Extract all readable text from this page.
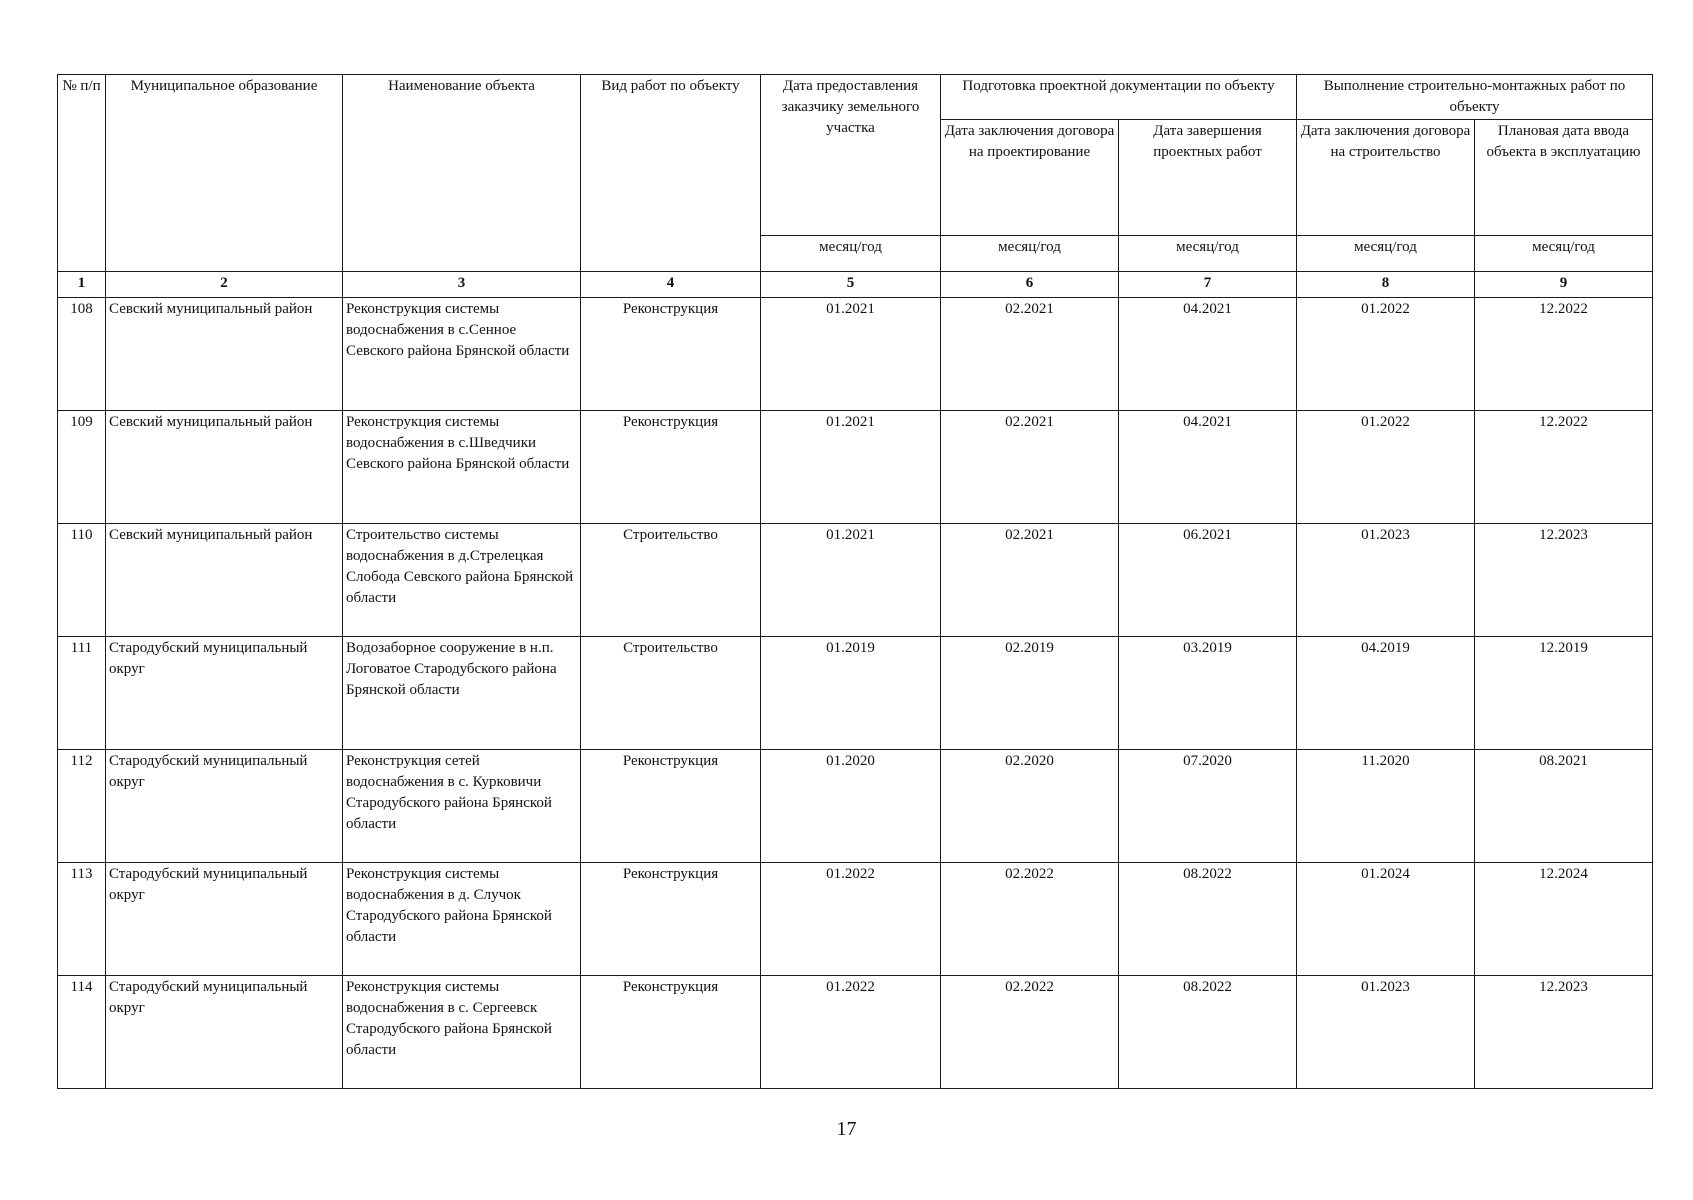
№ п/п	Муниципальное образование	Наименование объекта	Вид работ по объекту	Дата предоставления заказчику земельного участка	Подготовка проектной документации по объекту		Выполнение строительно-монтажных работ по объекту	
					Дата заключения договора на проектирование	Дата завершения проектных работ	Дата заключения договора на строительство	Плановая дата ввода объекта в эксплуатацию
				месяц/год	месяц/год	месяц/год	месяц/год	месяц/год
1	2	3	4	5	6	7	8	9
108	Севский муниципальный район	Реконструкция системы водоснабжения в с.Сенное Севского района Брянской области	Реконструкция	01.2021	02.2021	04.2021	01.2022	12.2022
109	Севский муниципальный район	Реконструкция системы водоснабжения в с.Шведчики Севского района Брянской области	Реконструкция	01.2021	02.2021	04.2021	01.2022	12.2022
110	Севский муниципальный район	Строительство системы водоснабжения в д.Стрелецкая Слобода Севского района Брянской области	Строительство	01.2021	02.2021	06.2021	01.2023	12.2023
111	Стародубский муниципальный округ	Водозаборное сооружение в н.п. Логоватое Стародубского района Брянской области	Строительство	01.2019	02.2019	03.2019	04.2019	12.2019
112	Стародубский муниципальный округ	Реконструкция сетей водоснабжения в с. Курковичи Стародубского района Брянской области	Реконструкция	01.2020	02.2020	07.2020	11.2020	08.2021
113	Стародубский муниципальный округ	Реконструкция системы водоснабжения в д. Случок Стародубского района Брянской области	Реконструкция	01.2022	02.2022	08.2022	01.2024	12.2024
114	Стародубский муниципальный округ	Реконструкция системы водоснабжения в с. Сергеевск Стародубского района Брянской области	Реконструкция	01.2022	02.2022	08.2022	01.2023	12.2023
17
